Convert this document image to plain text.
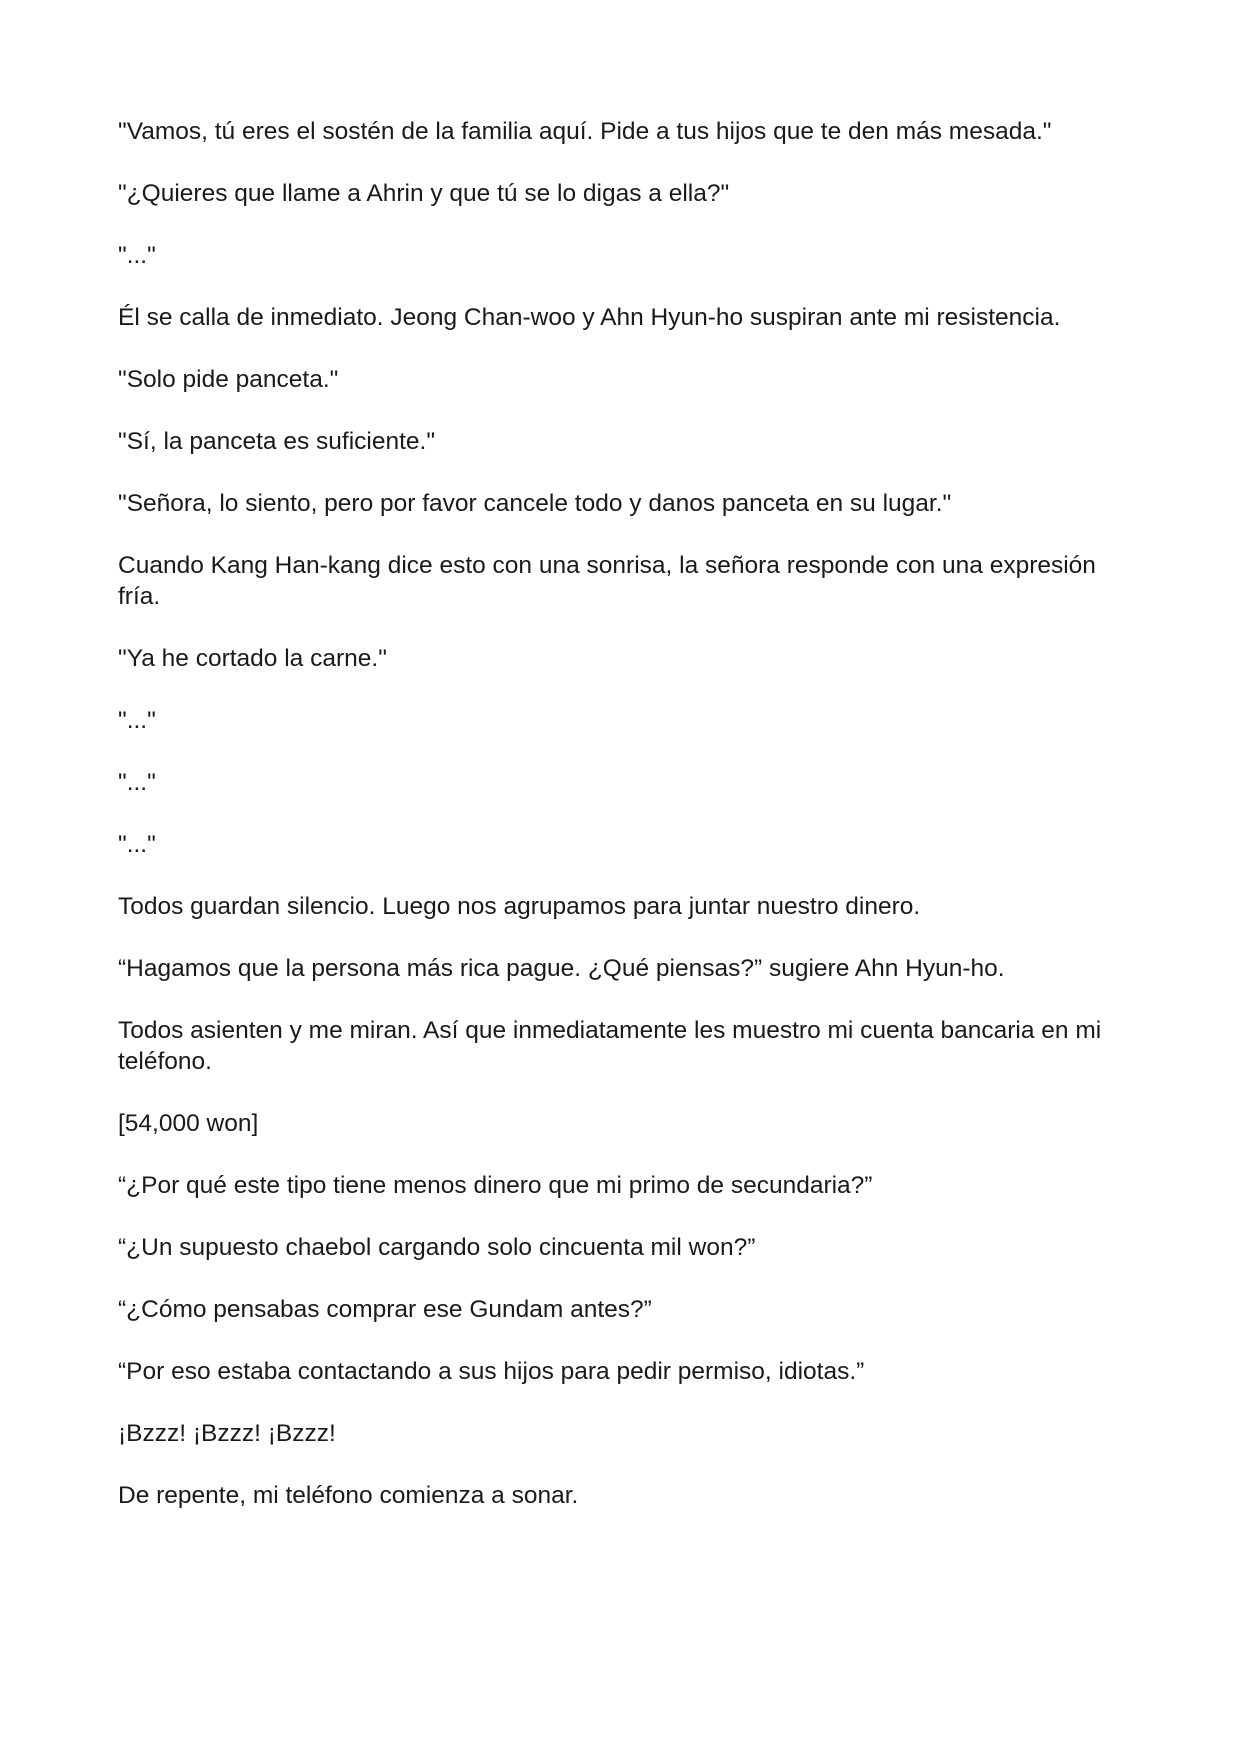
"Vamos, tú eres el sostén de la familia aquí. Pide a tus hijos que te den más mesada."

"¿Quieres que llame a Ahrin y que tú se lo digas a ella?"

"..."

Él se calla de inmediato. Jeong Chan-woo y Ahn Hyun-ho suspiran ante mi resistencia.

"Solo pide panceta."

"Sí, la panceta es suficiente."

"Señora, lo siento, pero por favor cancele todo y danos panceta en su lugar."

Cuando Kang Han-kang dice esto con una sonrisa, la señora responde con una expresión fría.

"Ya he cortado la carne."

"..."

"..."

"..."

Todos guardan silencio. Luego nos agrupamos para juntar nuestro dinero.

“Hagamos que la persona más rica pague. ¿Qué piensas?” sugiere Ahn Hyun-ho.

Todos asienten y me miran. Así que inmediatamente les muestro mi cuenta bancaria en mi teléfono.

[54,000 won]

“¿Por qué este tipo tiene menos dinero que mi primo de secundaria?”

“¿Un supuesto chaebol cargando solo cincuenta mil won?”

“¿Cómo pensabas comprar ese Gundam antes?”

“Por eso estaba contactando a sus hijos para pedir permiso, idiotas.”

¡Bzzz! ¡Bzzz! ¡Bzzz!

De repente, mi teléfono comienza a sonar.
